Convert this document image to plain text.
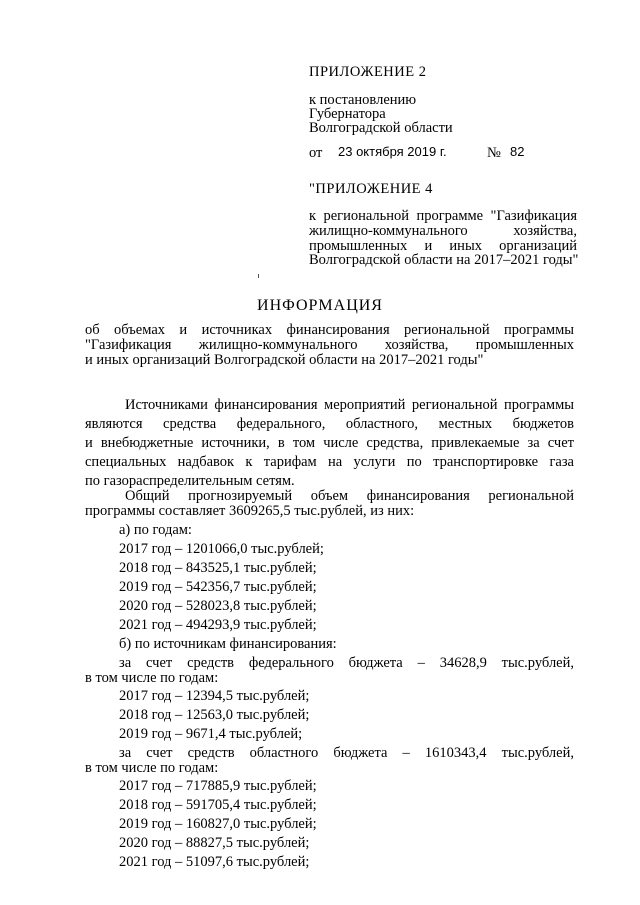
ПРИЛОЖЕНИЕ 2
к постановлению
Губернатора
Волгоградской области
от 23 октября 2019 г.	№ 82
"ПРИЛОЖЕНИЕ 4
к региональной программе "Газификация
жилищно-коммунального хозяйства,
промышленных и иных организаций
Волгоградской области на 2017–2021 годы"
ИНФОРМАЦИЯ
об объемах и источниках финансирования региональной программы
"Газификация жилищно-коммунального хозяйства, промышленных
и иных организаций Волгоградской области на 2017–2021 годы"
Источниками финансирования мероприятий региональной программы
являются средства федерального, областного, местных бюджетов
и внебюджетные источники, в том числе средства, привлекаемые за счет
специальных надбавок к тарифам на услуги по транспортировке газа
по газораспределительным сетям.
Общий прогнозируемый объем финансирования региональной
программы составляет 3609265,5 тыс.рублей, из них:
а) по годам:
2017 год – 1201066,0 тыс.рублей;
2018 год – 843525,1 тыс.рублей;
2019 год – 542356,7 тыс.рублей;
2020 год – 528023,8 тыс.рублей;
2021 год – 494293,9 тыс.рублей;
б) по источникам финансирования:
за счет средств федерального бюджета – 34628,9 тыс.рублей,
в том числе по годам:
2017 год – 12394,5 тыс.рублей;
2018 год – 12563,0 тыс.рублей;
2019 год – 9671,4 тыс.рублей;
за счет средств областного бюджета – 1610343,4 тыс.рублей,
в том числе по годам:
2017 год – 717885,9 тыс.рублей;
2018 год – 591705,4 тыс.рублей;
2019 год – 160827,0 тыс.рублей;
2020 год – 88827,5 тыс.рублей;
2021 год – 51097,6 тыс.рублей;
